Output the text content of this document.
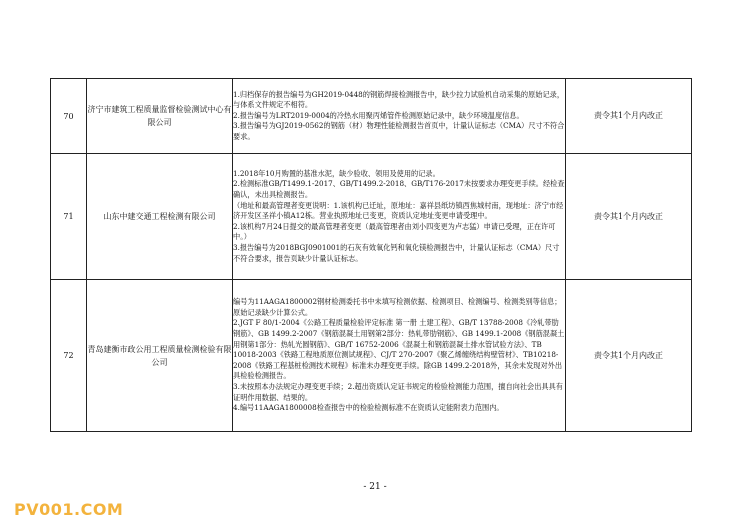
70	济宁市建筑工程质量监督检验测试中心有限公司	1.归档保存的报告编号为GH2019-0448的钢筋焊接检测报告中，缺少拉力试验机自动采集的原始记录，与体系文件规定不相符。
2.报告编号为LRT2019-0004的冷热水用聚丙烯管件检测原始记录中，缺少环境温度信息。
3.报告编号为GJ2019-0562的钢筋（材）物理性能检测报告首页中，计量认证标志（CMA）尺寸不符合要求。	责令其1个月内改正
71	山东中建交通工程检测有限公司	1.2018年10月购置的基准水泥，缺少验收、领用及使用的记录。
2.检测标准GB/T1499.1-2017、GB/T1499.2-2018、GB/T176-2017未按要求办理变更手续。经检查确认，未出具检测报告。
（地址和最高管理者变更说明：1.该机构已迁址，原地址：嘉祥县纸坊镇西焦城村南，现地址：济宁市经济开发区圣祥小镇A12栋。营业执照地址已变更，资质认定地址变更申请受理中。
2.该机构7月24日提交的最高管理者变更（最高管理者由刘小四变更为卢志猛）申请已受理，正在许可中。）
3.报告编号为2018BGJ0901001的石灰有效氧化钙和氧化镁检测报告中，计量认证标志（CMA）尺寸不符合要求，报告页缺少计量认证标志。	责令其1个月内改正
72	青岛建衡市政公用工程质量检测检验有限公司	编号为11AAGA1800002钢材检测委托书中未填写检测依据、检测项目、检测编号、检测类别等信息；原始记录缺少计算公式。
2.JGT F 80/1-2004《公路工程质量检验评定标准 第一册 土建工程》、GB/T 13788-2008《冷轧带肋钢筋》、GB 1499.2-2007《钢筋混凝土用钢第2部分：热轧带肋钢筋》、GB 1499.1-2008《钢筋混凝土用钢第1部分：热轧光圆钢筋》、GB/T 16752-2006《混凝土和钢筋混凝土排水管试验方法》、TB 10018-2003《铁路工程地质原位测试规程》、CJ/T 270-2007《聚乙烯缠绕结构壁管材》、TB10218-2008《铁路工程基桩检测技术规程》标准未办理变更手续。除GB 1499.2-2018外，其余未发现对外出具检验检测报告。
3.未按照本办法规定办理变更手续；2.超出资质认定证书规定的检验检测能力范围，擅自向社会出具具有证明作用数据、结果的。
4.编号11AAGA1800008检查报告中的检验检测标准不在资质认定能附表力范围内。	责令其1个月内改正
- 21 -
PV001.COM
